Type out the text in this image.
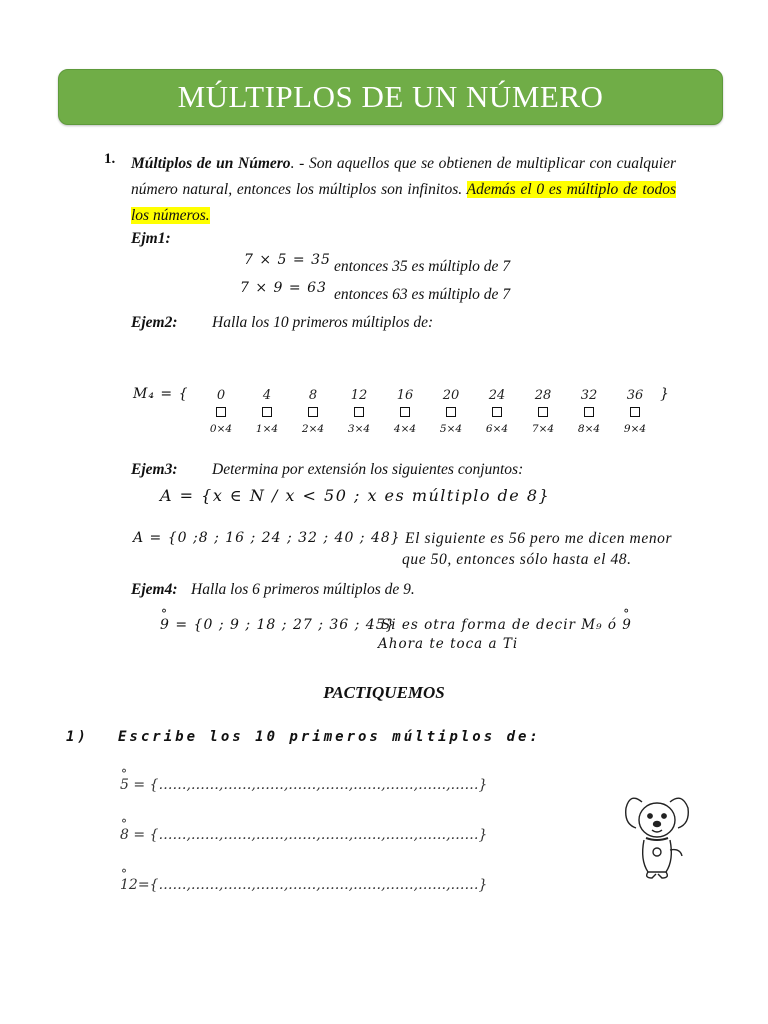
MÚLTIPLOS DE UN NÚMERO
1. Múltiplos de un Número. - Son aquellos que se obtienen de multiplicar con cualquier número natural, entonces los múltiplos son infinitos. Además el 0 es múltiplo de todos los números.
Ejm1:
7 × 5 = 35 entonces 35 es múltiplo de 7
7 × 9 = 63 entonces 63 es múltiplo de 7
Ejem2: Halla los 10 primeros múltiplos de:
M₄ = {	0
0×4
4
1×4
8
2×4
12
3×4
16
4×4
20
5×4
24
6×4
28
7×4
32
8×4
36
9×4
}
Ejem3: Determina por extensión los siguientes conjuntos:
A = {x ∈ N / x < 50 ; x es múltiplo de 8}
A = {0 ;8 ; 16 ; 24 ; 32 ; 40 ; 48} El siguiente es 56 pero me dicen menor
que 50, entonces sólo hasta el 48.
Ejem4: Halla los 6 primeros múltiplos de 9.
° 9 = {0 ; 9 ; 18 ; 27 ; 36 ; 45}
Si es otra forma de decir M₉ ó ° 9
Ahora te toca a Ti
PACTIQUEMOS
1) Escribe los 10 primeros múltiplos de:
° 5 = {……,……,……,……,……,……,……,……,……,……}
° 8 = {……,……,……,……,……,……,……,……,……,……}
° 12={……,……,……,……,……,……,……,……,……,……}
